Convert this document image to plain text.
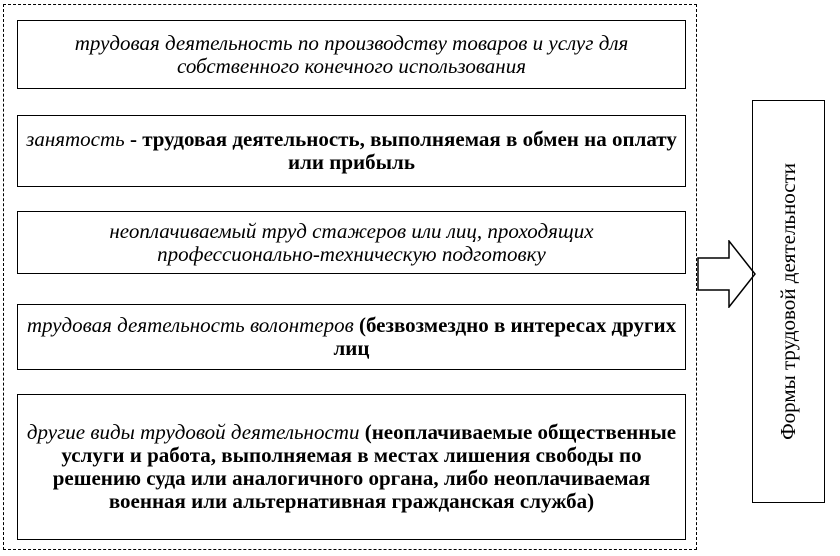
трудовая деятельность по производству товаров и услуг для собственного конечного использования
занятость - трудовая деятельность, выполняемая в обмен на оплату или прибыль
неоплачиваемый труд стажеров или лиц, проходящих профессионально-техническую подготовку
трудовая деятельность волонтеров (безвозмездно в интересах других лиц
другие виды трудовой деятельности (неоплачиваемые общественные услуги и работа, выполняемая в местах лишения свободы по решению суда или аналогичного органа, либо неоплачиваемая военная или альтернативная гражданская служба)
Формы трудовой деятельности
